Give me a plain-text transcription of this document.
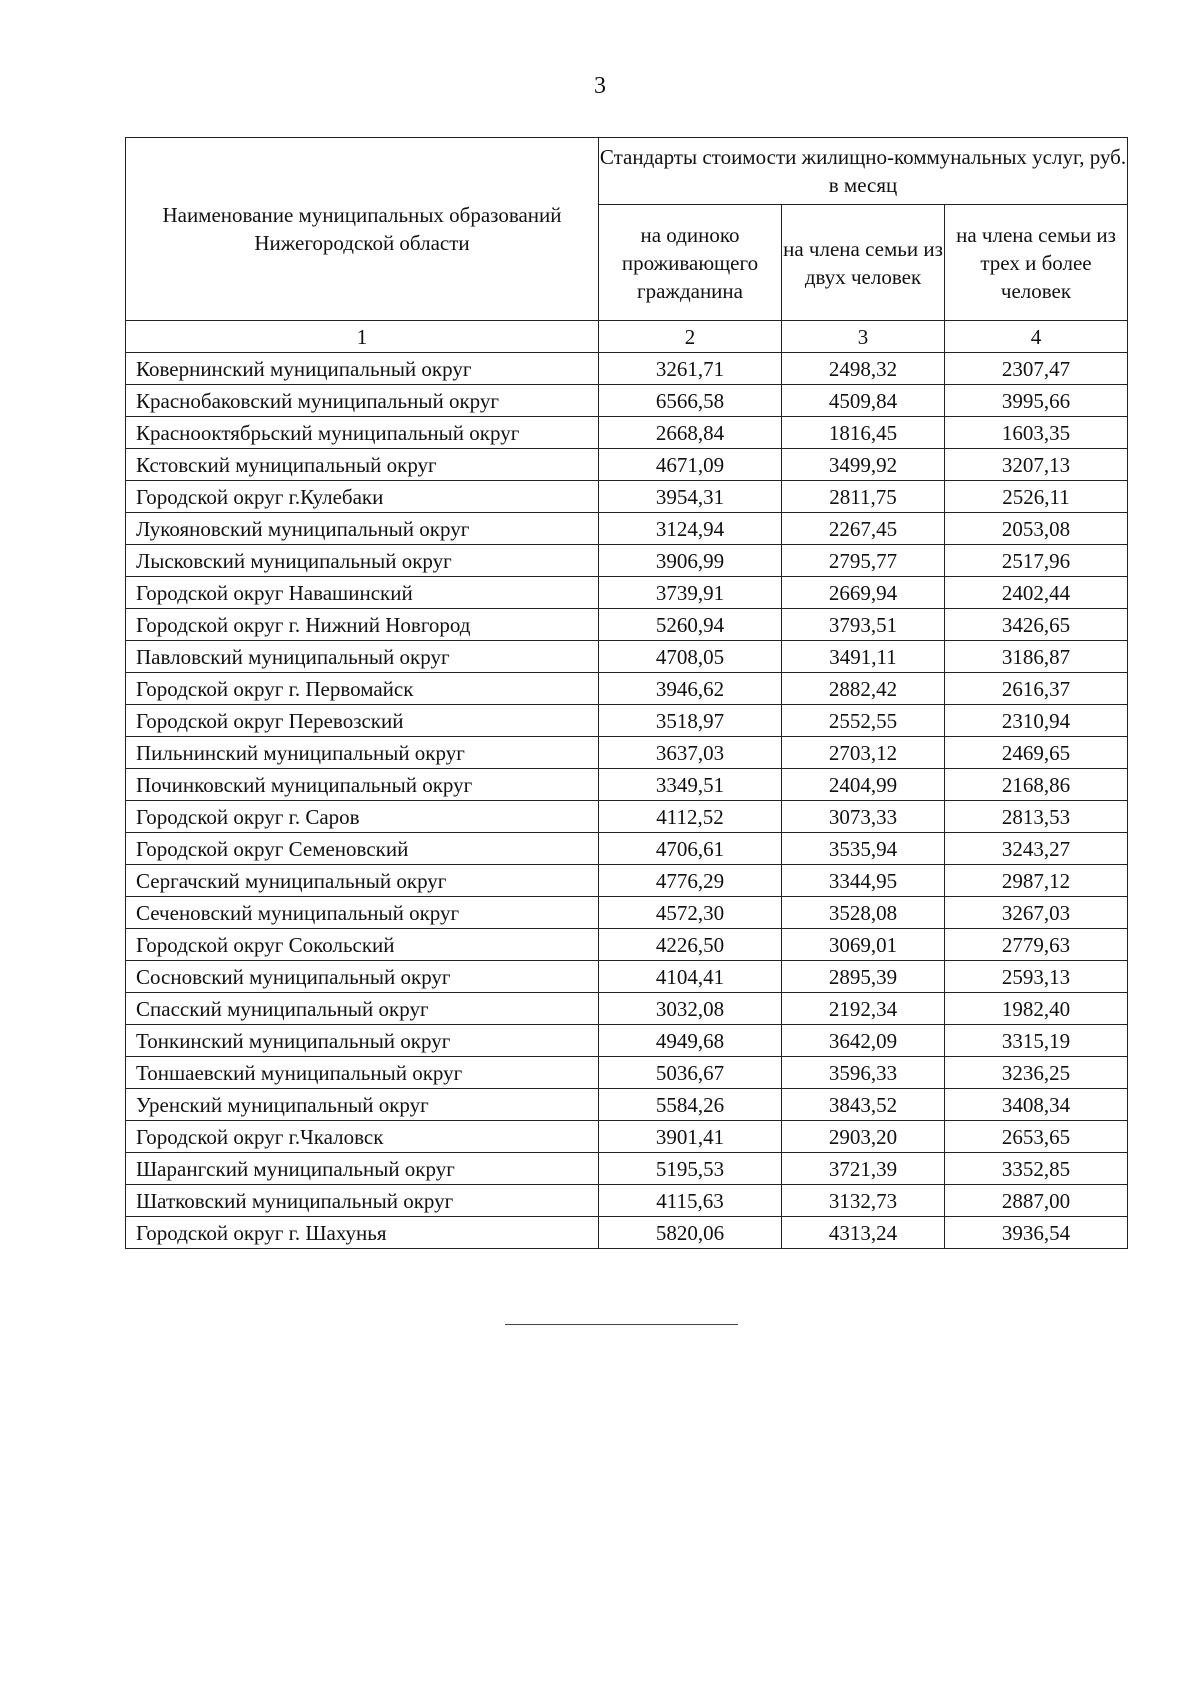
3
Наименование муниципальных образований Нижегородской области	Стандарты стоимости жилищно-коммунальных услуг, руб. в месяц		
	на одиноко проживающего гражданина	на члена семьи из двух человек	на члена семьи из трех и более человек
1	2	3	4
Ковернинский муниципальный округ	3261,71	2498,32	2307,47
Краснобаковский муниципальный округ	6566,58	4509,84	3995,66
Краснооктябрьский муниципальный округ	2668,84	1816,45	1603,35
Кстовский муниципальный округ	4671,09	3499,92	3207,13
Городской округ г.Кулебаки	3954,31	2811,75	2526,11
Лукояновский муниципальный округ	3124,94	2267,45	2053,08
Лысковский муниципальный округ	3906,99	2795,77	2517,96
Городской округ Навашинский	3739,91	2669,94	2402,44
Городской округ г. Нижний Новгород	5260,94	3793,51	3426,65
Павловский муниципальный округ	4708,05	3491,11	3186,87
Городской округ г. Первомайск	3946,62	2882,42	2616,37
Городской округ Перевозский	3518,97	2552,55	2310,94
Пильнинский муниципальный округ	3637,03	2703,12	2469,65
Починковский муниципальный округ	3349,51	2404,99	2168,86
Городской округ г. Саров	4112,52	3073,33	2813,53
Городской округ Семеновский	4706,61	3535,94	3243,27
Сергачский муниципальный округ	4776,29	3344,95	2987,12
Сеченовский муниципальный округ	4572,30	3528,08	3267,03
Городской округ Сокольский	4226,50	3069,01	2779,63
Сосновский муниципальный округ	4104,41	2895,39	2593,13
Спасский муниципальный округ	3032,08	2192,34	1982,40
Тонкинский муниципальный округ	4949,68	3642,09	3315,19
Тоншаевский муниципальный округ	5036,67	3596,33	3236,25
Уренский муниципальный округ	5584,26	3843,52	3408,34
Городской округ г.Чкаловск	3901,41	2903,20	2653,65
Шарангский муниципальный округ	5195,53	3721,39	3352,85
Шатковский муниципальный округ	4115,63	3132,73	2887,00
Городской округ г. Шахунья	5820,06	4313,24	3936,54
